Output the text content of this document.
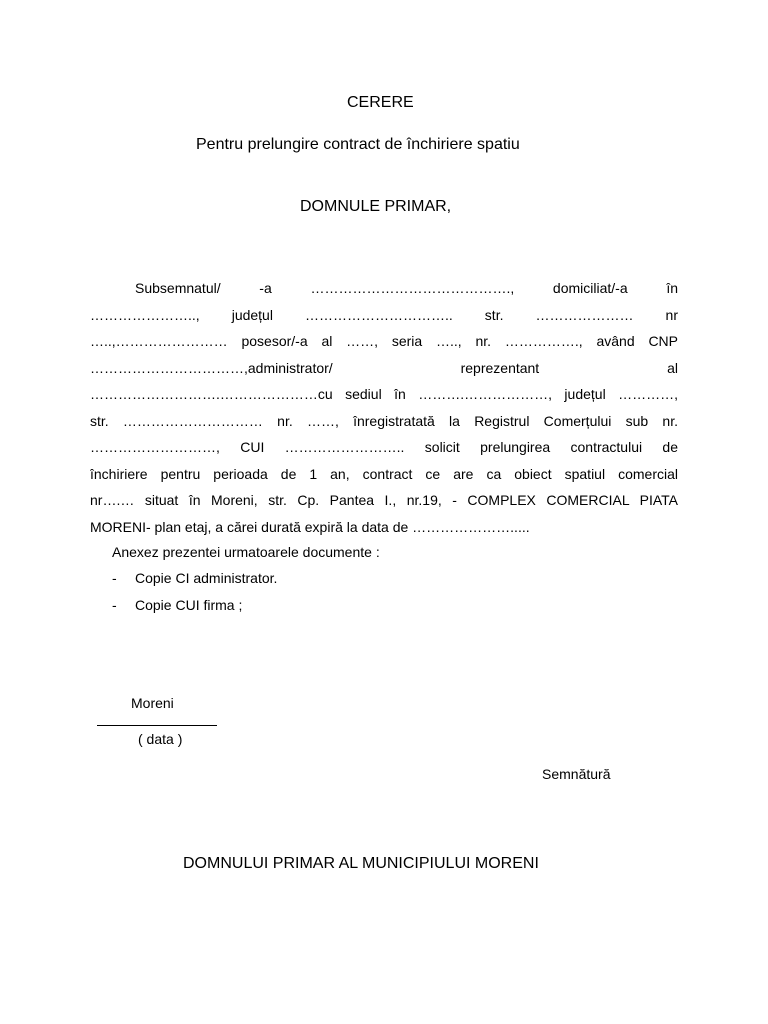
CERERE
Pentru prelungire contract de închiriere spatiu
DOMNULE PRIMAR,
Subsemnatul/ -a ……………………………………., domiciliat/-a în
………………….., județul ………………………….. str. ………………… nr
…..,…………………… posesor/-a al ……, seria ….., nr. ……………., având CNP
……………………………,administrator/ reprezentant al
……………………….…………………cu sediul în ……….………………, județul …………,
str. ………………………… nr. ……, înregistratată la Registrul Comerțului sub nr.
………………………, CUI …………………….. solicit prelungirea contractului de
închiriere pentru perioada de 1 an, contract ce are ca obiect spatiul comercial
nr….… situat în Moreni, str. Cp. Pantea I., nr.19, - COMPLEX COMERCIAL PIATA
MORENI- plan etaj, a cărei durată expiră la data de ………………….....
Anexez prezentei urmatoarele documente :
- Copie CI administrator.
- Copie CUI firma ;
Moreni
( data )
Semnătură
DOMNULUI PRIMAR AL MUNICIPIULUI MORENI
